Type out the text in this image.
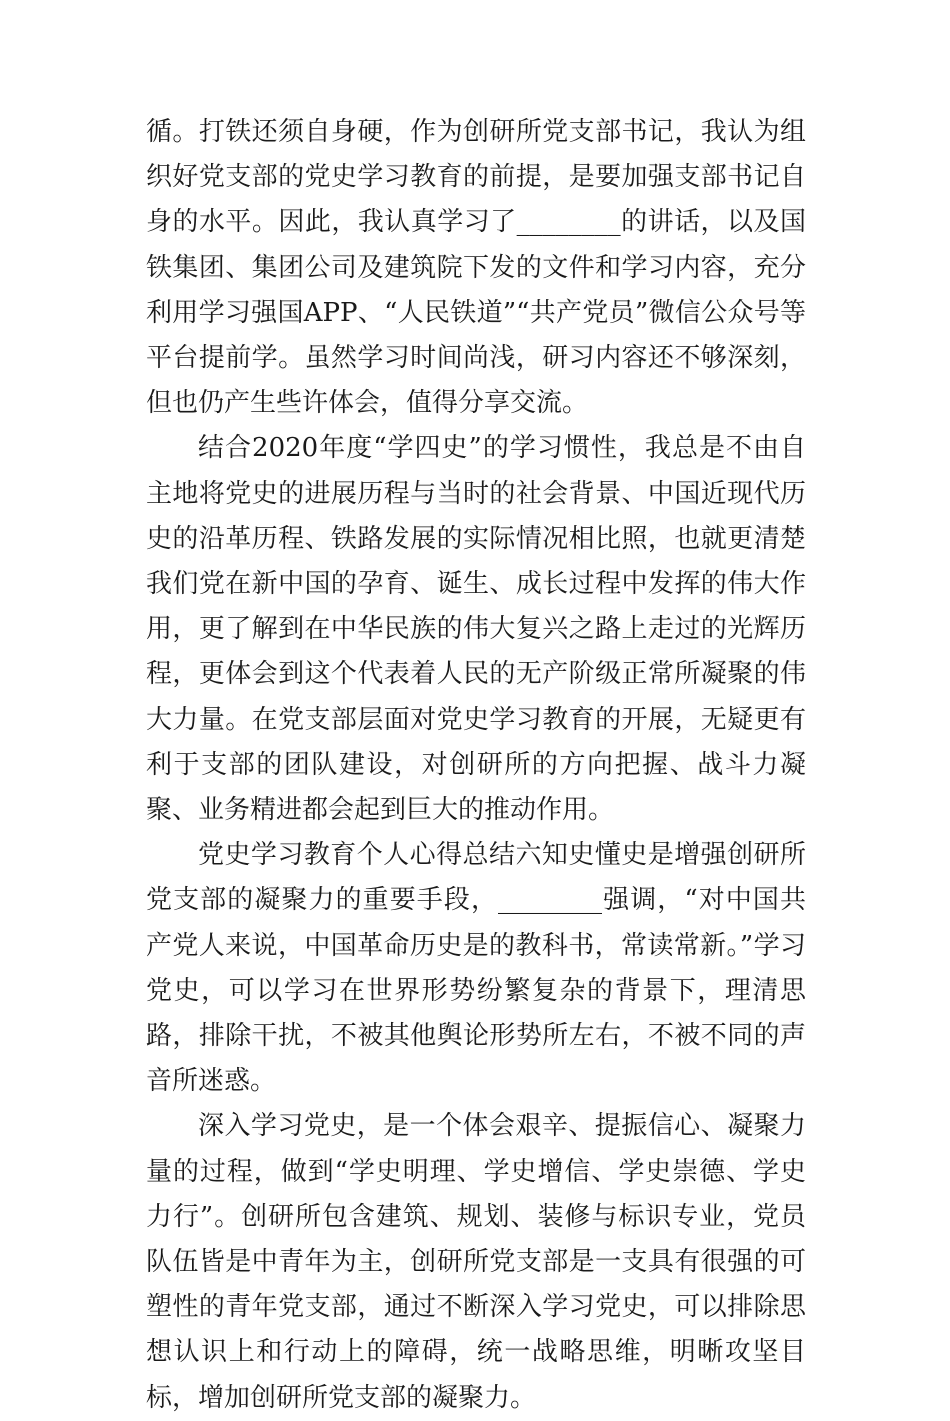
循。打铁还须自身硬，作为创研所党支部书记，我认为组织好党支部的党史学习教育的前提，是要加强支部书记自身的水平。因此，我认真学习了________的讲话，以及国铁集团、集团公司及建筑院下发的文件和学习内容，充分利用学习强国APP、“人民铁道”“共产党员”微信公众号等平台提前学。虽然学习时间尚浅，研习内容还不够深刻，但也仍产生些许体会，值得分享交流。

结合2020年度“学四史”的学习惯性，我总是不由自主地将党史的进展历程与当时的社会背景、中国近现代历史的沿革历程、铁路发展的实际情况相比照，也就更清楚我们党在新中国的孕育、诞生、成长过程中发挥的伟大作用，更了解到在中华民族的伟大复兴之路上走过的光辉历程，更体会到这个代表着人民的无产阶级正常所凝聚的伟大力量。在党支部层面对党史学习教育的开展，无疑更有利于支部的团队建设，对创研所的方向把握、战斗力凝聚、业务精进都会起到巨大的推动作用。

党史学习教育个人心得总结六知史懂史是增强创研所党支部的凝聚力的重要手段，________强调，“对中国共产党人来说，中国革命历史是的教科书，常读常新。”学习党史，可以学习在世界形势纷繁复杂的背景下，理清思路，排除干扰，不被其他舆论形势所左右，不被不同的声音所迷惑。

深入学习党史，是一个体会艰辛、提振信心、凝聚力量的过程，做到“学史明理、学史增信、学史崇德、学史力行”。创研所包含建筑、规划、装修与标识专业，党员队伍皆是中青年为主，创研所党支部是一支具有很强的可塑性的青年党支部，通过不断深入学习党史，可以排除思想认识上和行动上的障碍，统一战略思维，明晰攻坚目标，增加创研所党支部的凝聚力。
